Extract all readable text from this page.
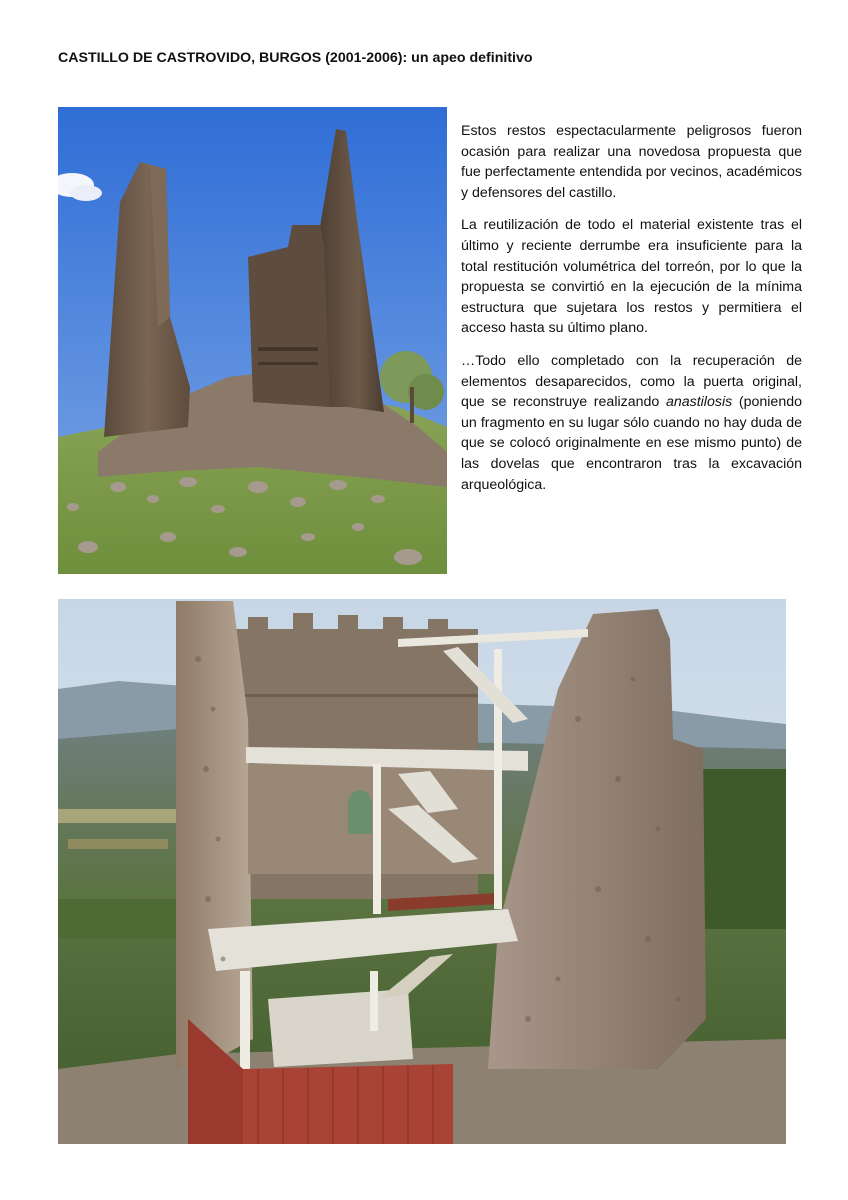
CASTILLO DE CASTROVIDO, BURGOS (2001-2006): un apeo definitivo

Estos restos espectacularmente peligrosos fueron ocasión para realizar una novedosa propuesta que fue perfectamente entendida por vecinos, académicos y defensores del castillo.

La reutilización de todo el material existente tras el último y reciente derrumbe era insuficiente para la total restitución volumétrica del torreón, por lo que la propuesta se convirtió en la ejecución de la mínima estructura que sujetara los restos y permitiera el acceso hasta su último plano.

…Todo ello completado con la recuperación de elementos desaparecidos, como la puerta original, que se reconstruye realizando anastilosis (poniendo un fragmento en su lugar sólo cuando no hay duda de que se colocó originalmente en ese mismo punto) de las dovelas que encontraron tras la excavación arqueológica.
